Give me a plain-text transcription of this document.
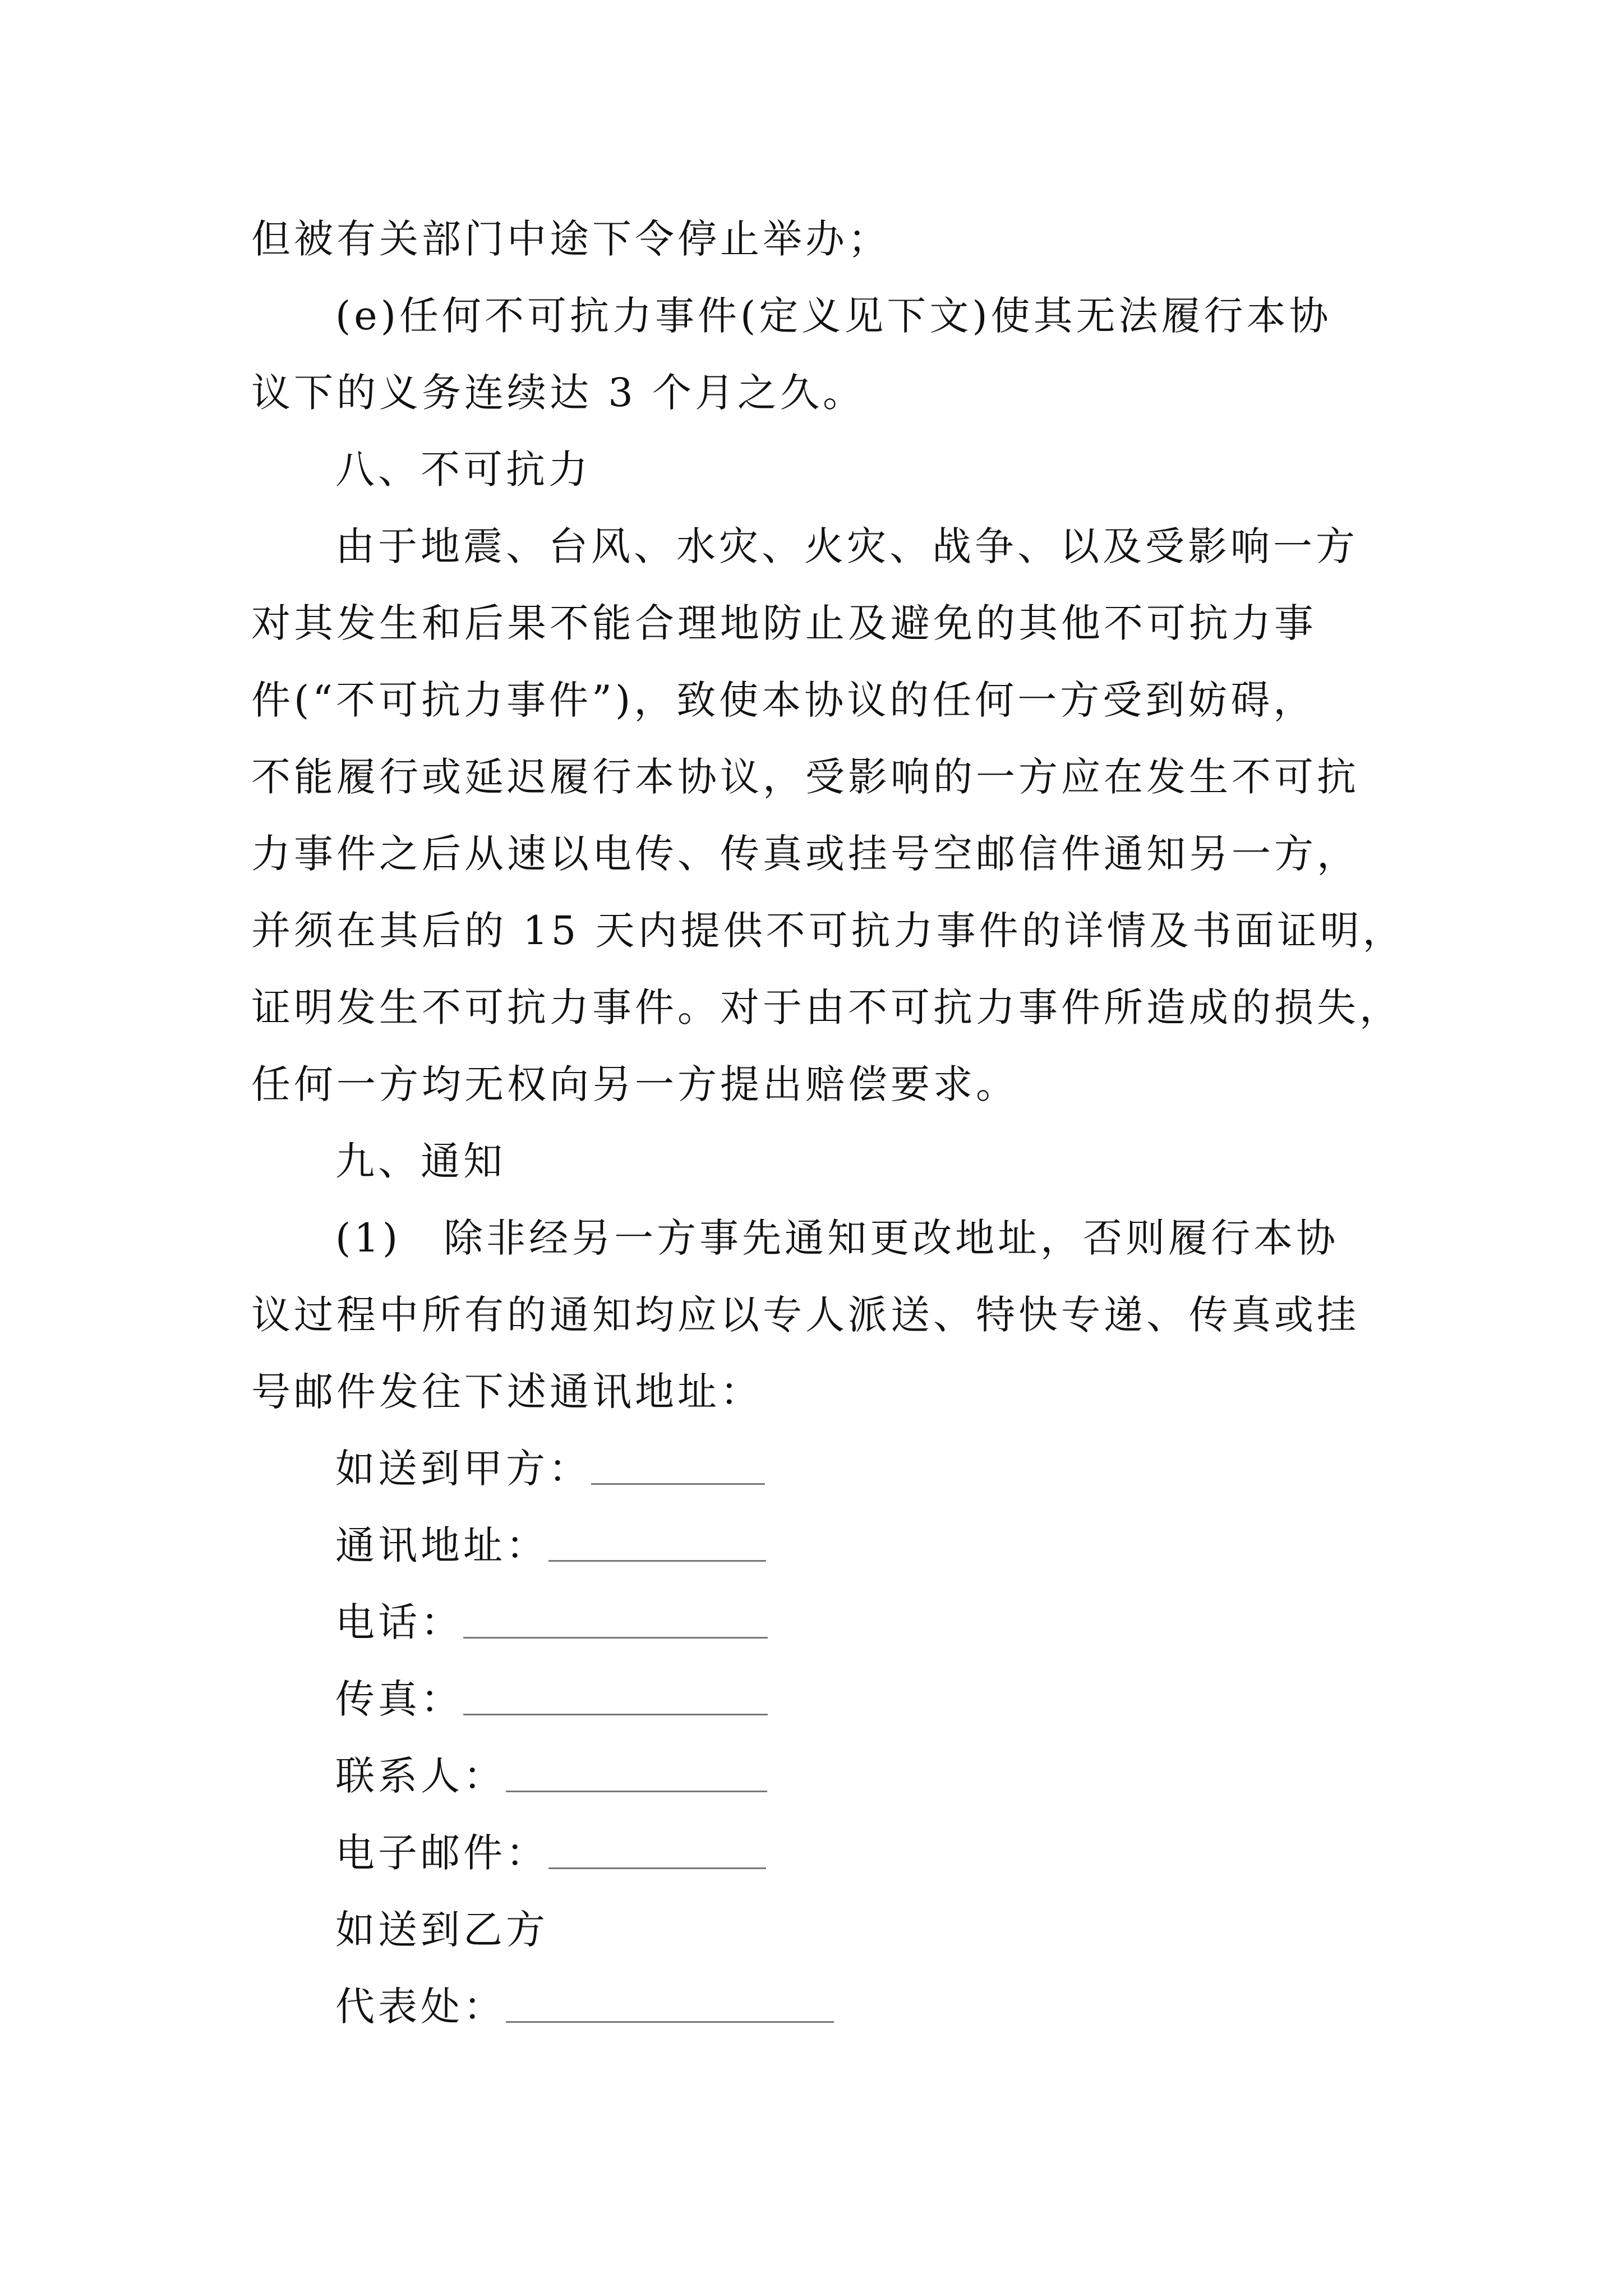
但被有关部门中途下令停止举办；
(e)任何不可抗力事件(定义见下文)使其无法履行本协
议下的义务连续达 3 个月之久。
八、不可抗力
由于地震、台风、水灾、火灾、战争、以及受影响一方
对其发生和后果不能合理地防止及避免的其他不可抗力事
件(“不可抗力事件”)，致使本协议的任何一方受到妨碍，
不能履行或延迟履行本协议，受影响的一方应在发生不可抗
力事件之后从速以电传、传真或挂号空邮信件通知另一方，
并须在其后的 15 天内提供不可抗力事件的详情及书面证明，
证明发生不可抗力事件。对于由不可抗力事件所造成的损失，
任何一方均无权向另一方提出赔偿要求。
九、通知
(1)　除非经另一方事先通知更改地址，否则履行本协
议过程中所有的通知均应以专人派送、特快专递、传真或挂
号邮件发往下述通讯地址：
如送到甲方：
通讯地址：
电话：
传真：
联系人：
电子邮件：
如送到乙方
代表处：
